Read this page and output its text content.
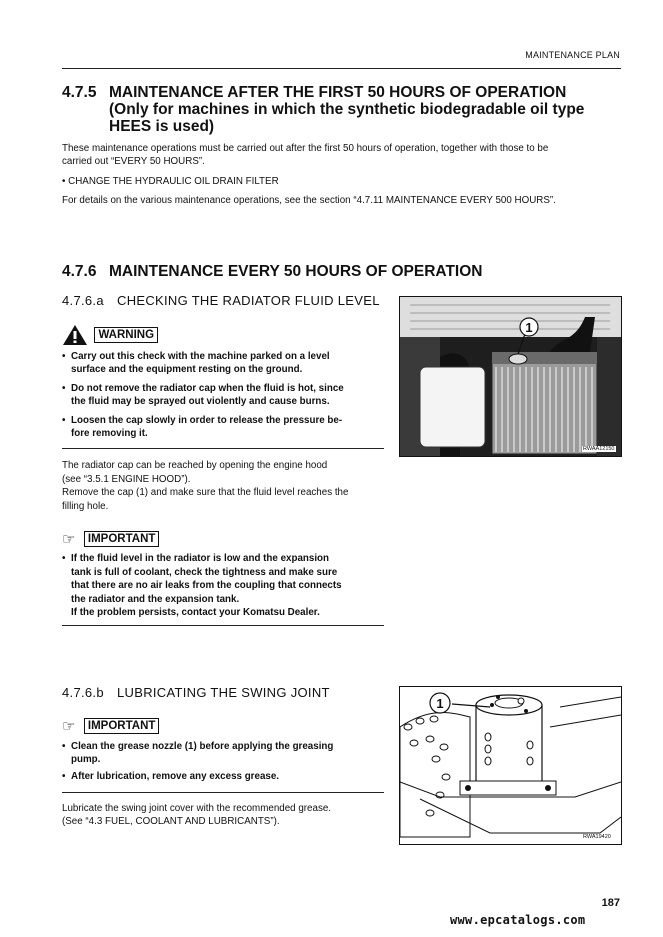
MAINTENANCE PLAN
4.7.5 MAINTENANCE AFTER THE FIRST 50 HOURS OF OPERATION
(Only for machines in which the synthetic biodegradable oil type
HEES is used)
These maintenance operations must be carried out after the first 50 hours of operation, together with those to be
carried out “EVERY 50 HOURS”.
• CHANGE THE HYDRAULIC OIL DRAIN FILTER
For details on the various maintenance operations, see the section “4.7.11 MAINTENANCE EVERY 500 HOURS”.
4.7.6 MAINTENANCE EVERY 50 HOURS OF OPERATION
4.7.6.a CHECKING THE RADIATOR FLUID LEVEL
WARNING
• Carry out this check with the machine parked on a level
surface and the equipment resting on the ground.
• Do not remove the radiator cap when the fluid is hot, since
the fluid may be sprayed out violently and cause burns.
• Loosen the cap slowly in order to release the pressure be-
fore removing it.
The radiator cap can be reached by opening the engine hood
(see “3.5.1 ENGINE HOOD”).
Remove the cap (1) and make sure that the fluid level reaches the
filling hole.
☞ IMPORTANT
• If the fluid level in the radiator is low and the expansion
tank is full of coolant, check the tightness and make sure
that there are no air leaks from the coupling that connects
the radiator and the expansion tank.
If the problem persists, contact your Komatsu Dealer.
1
RWAA12150
4.7.6.b LUBRICATING THE SWING JOINT
☞ IMPORTANT
• Clean the grease nozzle (1) before applying the greasing
pump.
• After lubrication, remove any excess grease.
Lubricate the swing joint cover with the recommended grease.
(See “4.3 FUEL, COOLANT AND LUBRICANTS”).
1
RWA19420
187
www.epcatalogs.com
